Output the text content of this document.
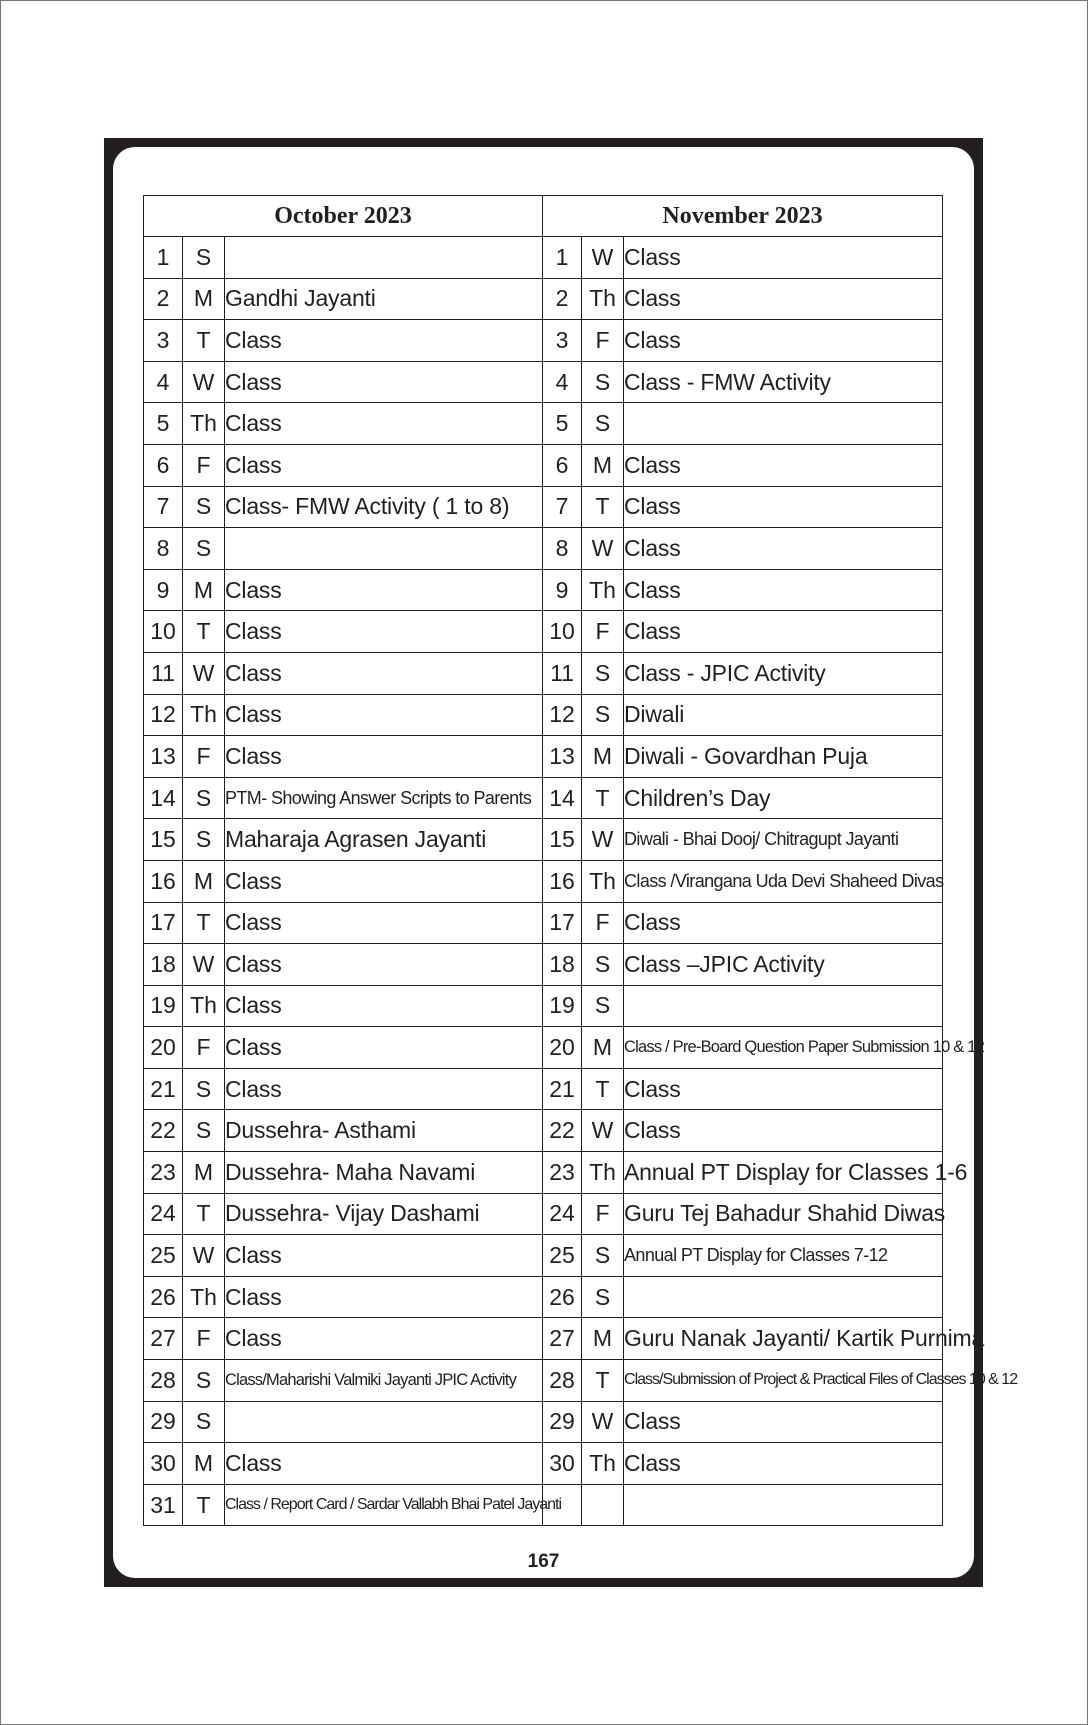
October 2023			November 2023		
1	S		1	W	Class
2	M	Gandhi Jayanti	2	Th	Class
3	T	Class	3	F	Class
4	W	Class	4	S	Class - FMW Activity
5	Th	Class	5	S	
6	F	Class	6	M	Class
7	S	Class- FMW Activity ( 1 to 8)	7	T	Class
8	S		8	W	Class
9	M	Class	9	Th	Class
10	T	Class	10	F	Class
11	W	Class	11	S	Class - JPIC Activity
12	Th	Class	12	S	Diwali
13	F	Class	13	M	Diwali - Govardhan Puja
14	S	PTM- Showing Answer Scripts to Parents	14	T	Children’s Day
15	S	Maharaja Agrasen Jayanti	15	W	Diwali - Bhai Dooj/ Chitragupt Jayanti
16	M	Class	16	Th	Class /Virangana Uda Devi Shaheed Divas
17	T	Class	17	F	Class
18	W	Class	18	S	Class –JPIC Activity
19	Th	Class	19	S	
20	F	Class	20	M	Class / Pre-Board Question Paper Submission 10 & 12
21	S	Class	21	T	Class
22	S	Dussehra- Asthami	22	W	Class
23	M	Dussehra- Maha Navami	23	Th	Annual PT Display for Classes 1-6
24	T	Dussehra- Vijay Dashami	24	F	Guru Tej Bahadur Shahid Diwas
25	W	Class	25	S	Annual PT Display for Classes 7-12
26	Th	Class	26	S	
27	F	Class	27	M	Guru Nanak Jayanti/ Kartik Purnima
28	S	Class/Maharishi Valmiki Jayanti JPIC Activity	28	T	Class/Submission of Project & Practical Files of Classes 10 & 12
29	S		29	W	Class
30	M	Class	30	Th	Class
31	T	Class / Report Card / Sardar Vallabh Bhai Patel Jayanti			
167
